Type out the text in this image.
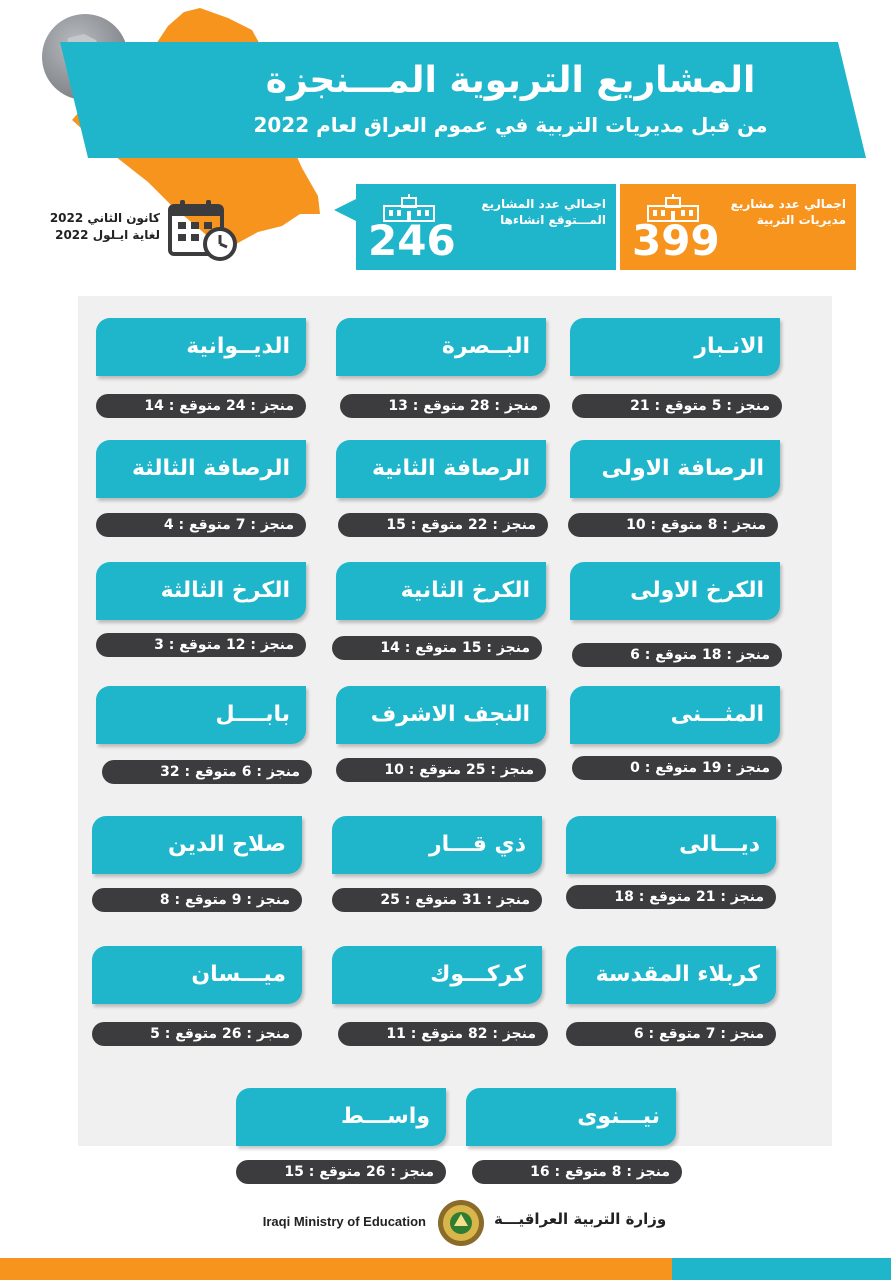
المشاريع التربوية المـــنجزة
من قبل مديريات التربية في عموم العراق لعام 2022
اجمالي عدد مشاريع مديريات التربية
399
اجمالي عدد المشاريع المـــتوقع انشاءها
246
كانون الثاني 2022
لغاية ايـلول 2022
الانـبار
منجز : 5 متوقع : 21
البــصرة
منجز : 28 متوقع : 13
الديــوانية
منجز : 24 متوقع : 14
الرصافة الاولى
منجز : 8 متوقع : 10
الرصافة الثانية
منجز : 22 متوقع : 15
الرصافة الثالثة
منجز : 7 متوقع : 4
الكرخ الاولى
منجز : 18 متوقع : 6
الكرخ الثانية
منجز : 15 متوقع : 14
الكرخ الثالثة
منجز : 12 متوقع : 3
المثـــنى
منجز : 19 متوقع : 0
النجف الاشرف
منجز : 25 متوقع : 10
بابــــل
منجز : 6 متوقع : 32
ديـــالى
منجز : 21 متوقع : 18
ذي قـــار
منجز : 31 متوقع : 25
صلاح الدين
منجز : 9 متوقع : 8
كربلاء المقدسة
منجز : 7 متوقع : 6
كركـــوك
منجز : 82 متوقع : 11
ميـــسان
منجز : 26 متوقع : 5
نيـــنوى
منجز : 8 متوقع : 16
واســـط
منجز : 26 متوقع : 15
Iraqi Ministry of Education	وزارة التربية العراقيـــة
